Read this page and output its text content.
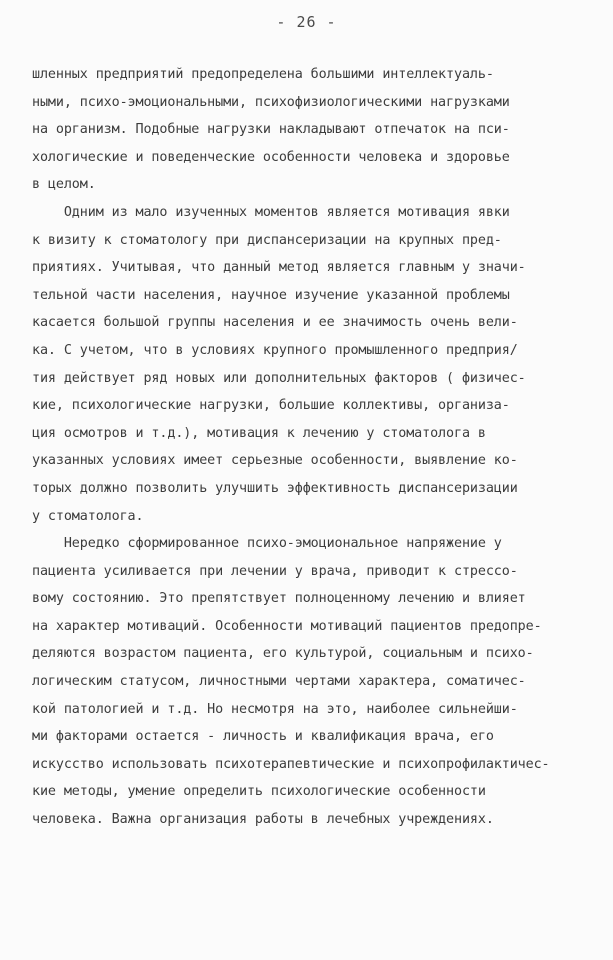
- 26 -
шленных предприятий предопределена большими интеллектуаль-
ными, психо-эмоциональными, психофизиологическими нагрузками
на организм. Подобные нагрузки накладывают отпечаток на пси-
хологические и поведенческие особенности человека и здоровье
в целом.
Одним из мало изученных моментов является мотивация явки
к визиту к стоматологу при диспансеризации на крупных пред-
приятиях. Учитывая, что данный метод является главным у значи-
тельной части населения, научное изучение указанной проблемы
касается большой группы населения и ее значимость очень вели-
ка. С учетом, что в условиях крупного промышленного предприя/
тия действует ряд новых или дополнительных факторов ( физичес-
кие, психологические нагрузки, большие коллективы, организа-
ция осмотров и т.д.), мотивация к лечению у стоматолога в
указанных условиях имеет серьезные особенности, выявление ко-
торых должно позволить улучшить эффективность диспансеризации
у стоматолога.
Нередко сформированное психо-эмоциональное напряжение у
пациента усиливается при лечении у врача, приводит к стрессо-
вому состоянию. Это препятствует полноценному лечению и влияет
на характер мотиваций. Особенности мотиваций пациентов предопре-
деляются возрастом пациента, его культурой, социальным и психо-
логическим статусом, личностными чертами характера, соматичес-
кой патологией и т.д. Но несмотря на это, наиболее сильнейши-
ми факторами остается - личность и квалификация врача, его
искусство использовать психотерапевтические и психопрофилактичес-
кие методы, умение определить психологические особенности
человека. Важна организация работы в лечебных учреждениях.
